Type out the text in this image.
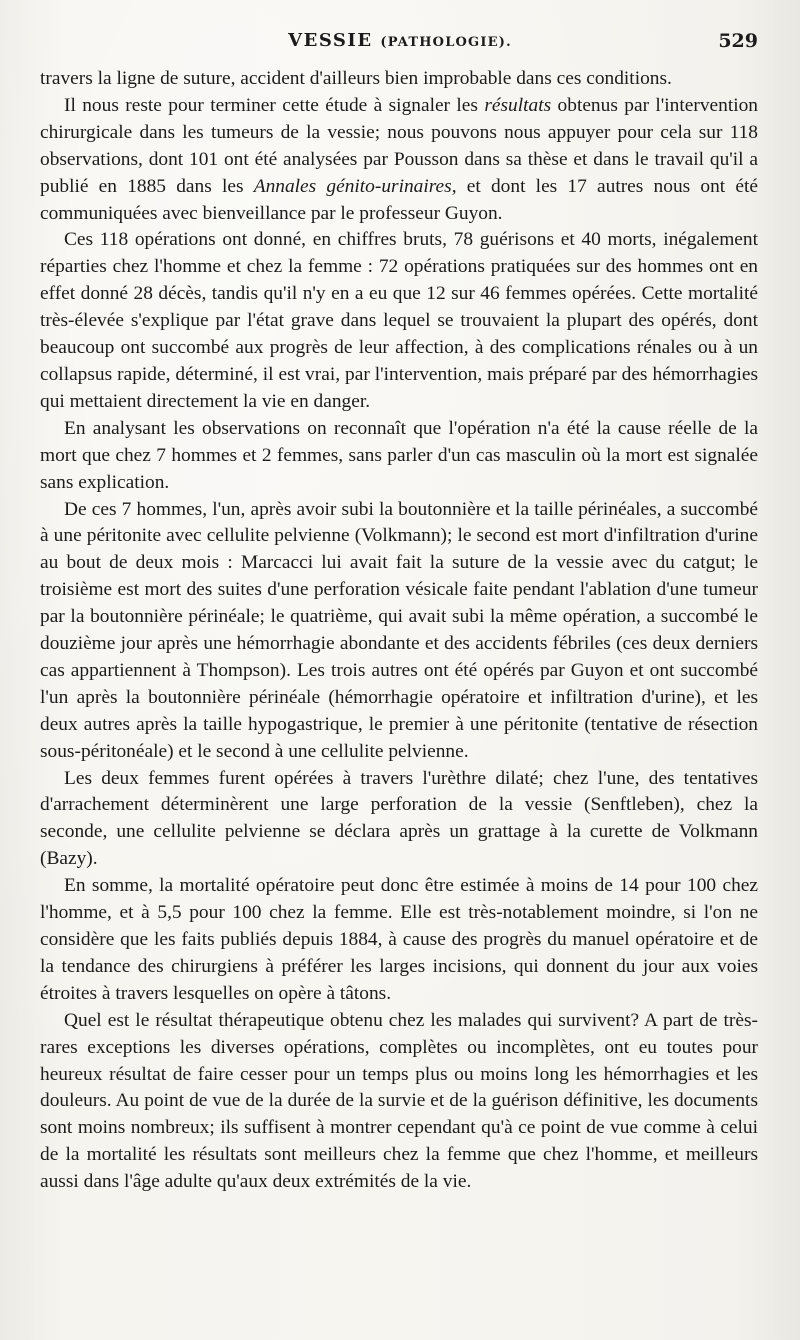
VESSIE (PATHOLOGIE).	529

travers la ligne de suture, accident d'ailleurs bien improbable dans ces conditions.

Il nous reste pour terminer cette étude à signaler les résultats obtenus par l'intervention chirurgicale dans les tumeurs de la vessie; nous pouvons nous appuyer pour cela sur 118 observations, dont 101 ont été analysées par Pousson dans sa thèse et dans le travail qu'il a publié en 1885 dans les Annales génito-urinaires, et dont les 17 autres nous ont été communiquées avec bienveillance par le professeur Guyon.

Ces 118 opérations ont donné, en chiffres bruts, 78 guérisons et 40 morts, inégalement réparties chez l'homme et chez la femme : 72 opérations pratiquées sur des hommes ont en effet donné 28 décès, tandis qu'il n'y en a eu que 12 sur 46 femmes opérées. Cette mortalité très-élevée s'explique par l'état grave dans lequel se trouvaient la plupart des opérés, dont beaucoup ont succombé aux progrès de leur affection, à des complications rénales ou à un collapsus rapide, déterminé, il est vrai, par l'intervention, mais préparé par des hémorrhagies qui mettaient directement la vie en danger.

En analysant les observations on reconnaît que l'opération n'a été la cause réelle de la mort que chez 7 hommes et 2 femmes, sans parler d'un cas masculin où la mort est signalée sans explication.

De ces 7 hommes, l'un, après avoir subi la boutonnière et la taille périnéales, a succombé à une péritonite avec cellulite pelvienne (Volkmann); le second est mort d'infiltration d'urine au bout de deux mois : Marcacci lui avait fait la suture de la vessie avec du catgut; le troisième est mort des suites d'une perforation vésicale faite pendant l'ablation d'une tumeur par la boutonnière périnéale; le quatrième, qui avait subi la même opération, a succombé le douzième jour après une hémorrhagie abondante et des accidents fébriles (ces deux derniers cas appartiennent à Thompson). Les trois autres ont été opérés par Guyon et ont succombé l'un après la boutonnière périnéale (hémorrhagie opératoire et infiltration d'urine), et les deux autres après la taille hypogastrique, le premier à une péritonite (tentative de résection sous-péritonéale) et le second à une cellulite pelvienne.

Les deux femmes furent opérées à travers l'urèthre dilaté; chez l'une, des tentatives d'arrachement déterminèrent une large perforation de la vessie (Senftleben), chez la seconde, une cellulite pelvienne se déclara après un grattage à la curette de Volkmann (Bazy).

En somme, la mortalité opératoire peut donc être estimée à moins de 14 pour 100 chez l'homme, et à 5,5 pour 100 chez la femme. Elle est très-notablement moindre, si l'on ne considère que les faits publiés depuis 1884, à cause des progrès du manuel opératoire et de la tendance des chirurgiens à préférer les larges incisions, qui donnent du jour aux voies étroites à travers lesquelles on opère à tâtons.

Quel est le résultat thérapeutique obtenu chez les malades qui survivent? A part de très-rares exceptions les diverses opérations, complètes ou incomplètes, ont eu toutes pour heureux résultat de faire cesser pour un temps plus ou moins long les hémorrhagies et les douleurs. Au point de vue de la durée de la survie et de la guérison définitive, les documents sont moins nombreux; ils suffisent à montrer cependant qu'à ce point de vue comme à celui de la mortalité les résultats sont meilleurs chez la femme que chez l'homme, et meilleurs aussi dans l'âge adulte qu'aux deux extrémités de la vie.
